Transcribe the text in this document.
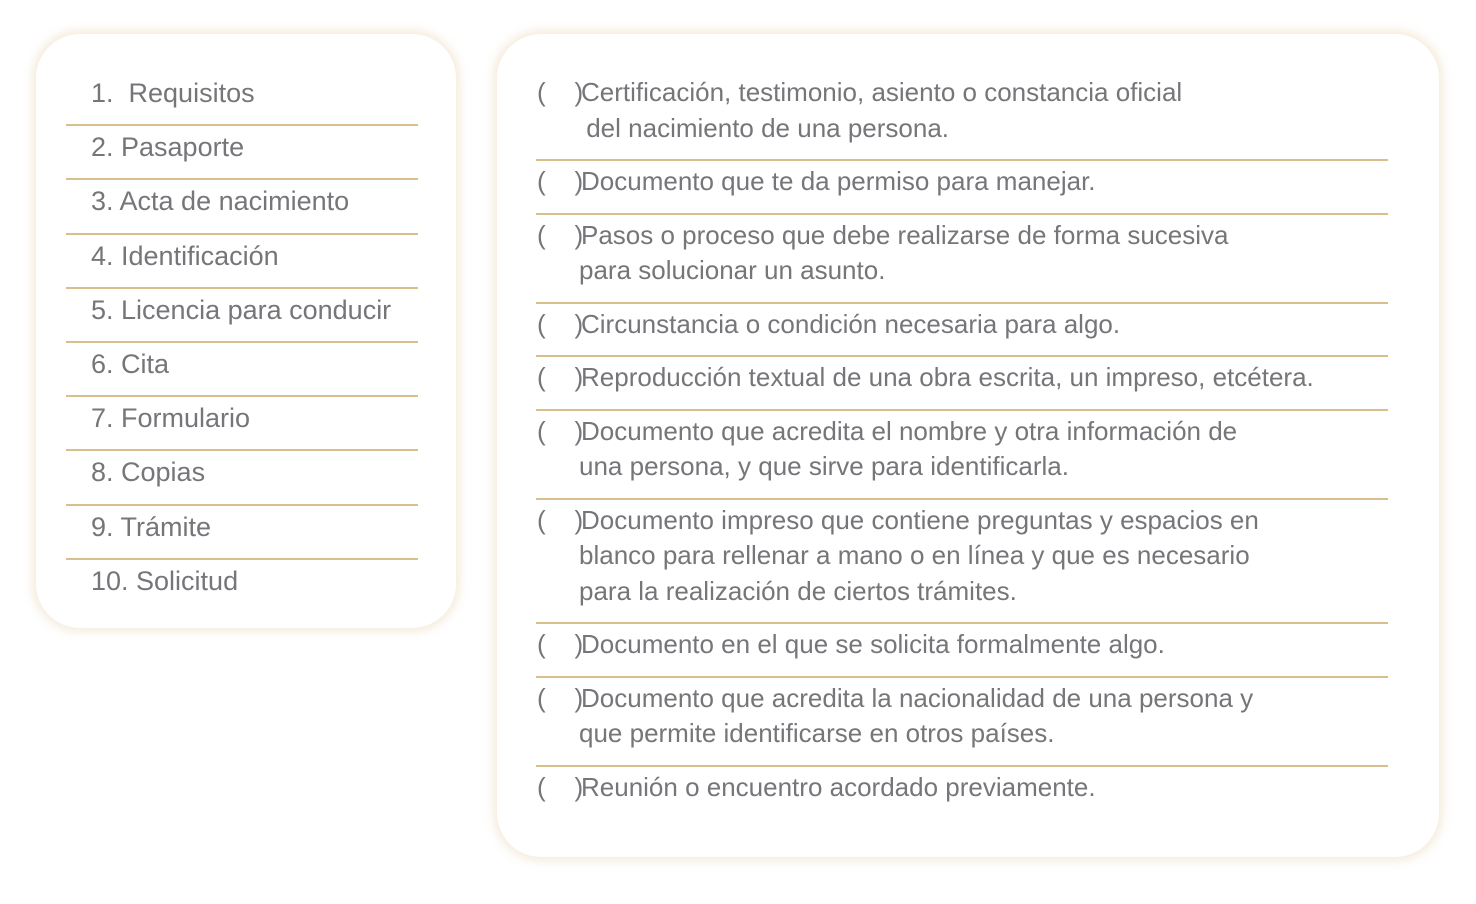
1.  Requisitos
2. Pasaporte
3. Acta de nacimiento
4. Identificación
5. Licencia para conducir
6. Cita
7. Formulario
8. Copias
9. Trámite
10. Solicitud
(    )
Certificación, testimonio, asiento o constancia oficial
del nacimiento de una persona.
(    )
Documento que te da permiso para manejar.
(    )
Pasos o proceso que debe realizarse de forma sucesiva
para solucionar un asunto.
(    )
Circunstancia o condición necesaria para algo.
(    )
Reproducción textual de una obra escrita, un impreso, etcétera.
(    )
Documento que acredita el nombre y otra información de
una persona, y que sirve para identificarla.
(    )
Documento impreso que contiene preguntas y espacios en
blanco para rellenar a mano o en línea y que es necesario
para la realización de ciertos trámites.
(    )
Documento en el que se solicita formalmente algo.
(    )
Documento que acredita la nacionalidad de una persona y
que permite identificarse en otros países.
(    )
Reunión o encuentro acordado previamente.
